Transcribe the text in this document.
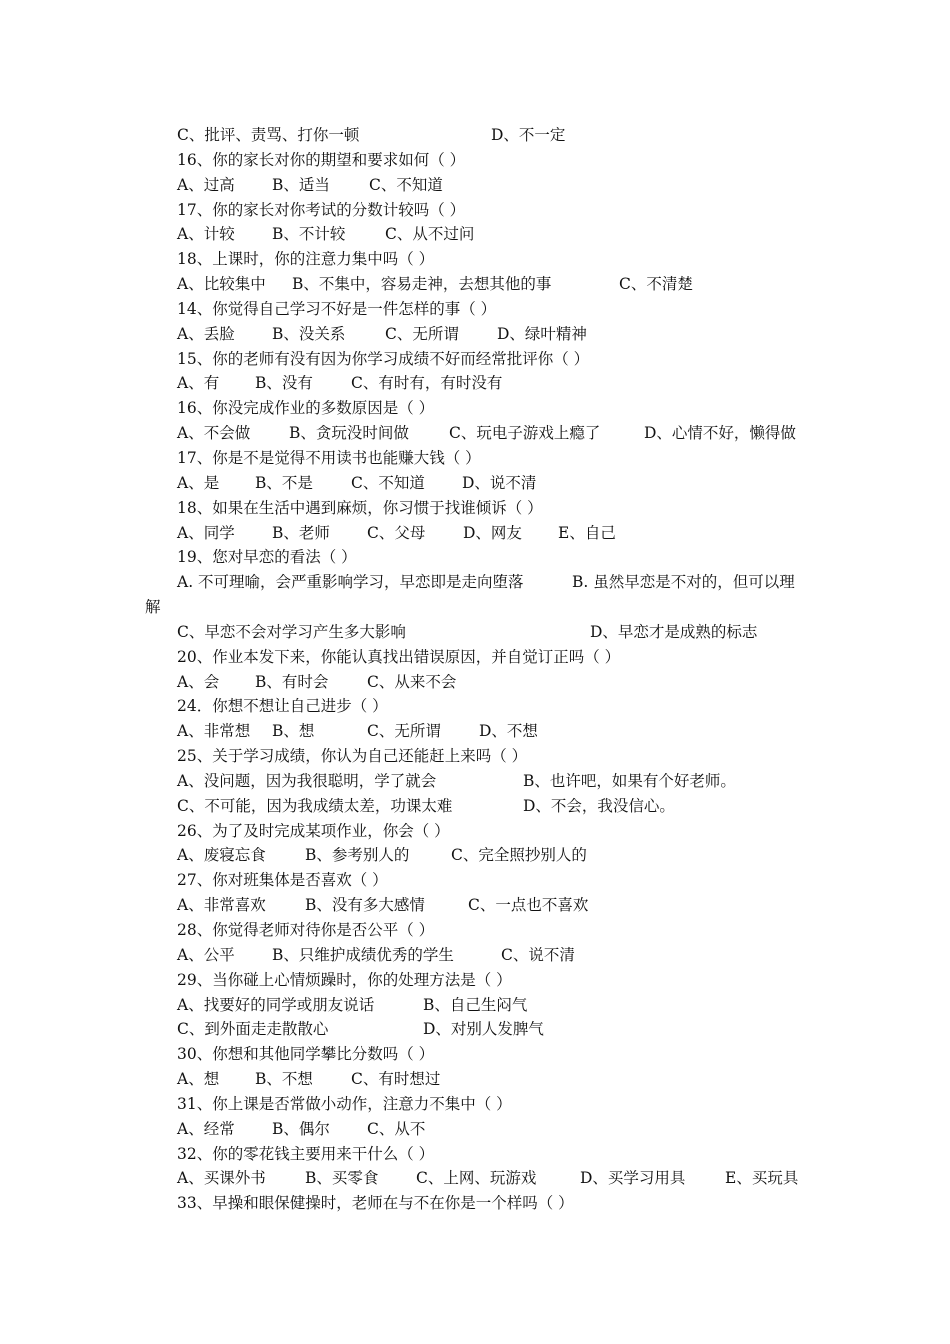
C、批评、责骂、打你一顿	D、不一定
16、你的家长对你的期望和要求如何（ ）
A、过高 B、适当	C、不知道
17、你的家长对你考试的分数计较吗（ ）
A、计较 B、不计较	C、从不过问
18、上课时，你的注意力集中吗（ ）
A、比较集中 B、不集中，容易走神，去想其他的事	C、不清楚
14、你觉得自己学习不好是一件怎样的事（ ）
A、丢脸 B、没关系	C、无所谓 D、绿叶精神
15、你的老师有没有因为你学习成绩不好而经常批评你（ ）
A、有 B、没有 C、有时有，有时没有
16、你没完成作业的多数原因是（ ）
A、不会做	B、贪玩没时间做	C、玩电子游戏上瘾了	D、心情不好，懒得做
17、你是不是觉得不用读书也能赚大钱（ ）
A、是 B、不是 C、不知道 D、说不清
18、如果在生活中遇到麻烦，你习惯于找谁倾诉（ ）
A、同学 B、老师 C、父母 D、网友 E、自己
19、您对早恋的看法（ ）
A. 不可理喻，会严重影响学习，早恋即是走向堕落	B. 虽然早恋是不对的，但可以理
解
C、早恋不会对学习产生多大影响	D、早恋才是成熟的标志
20、作业本发下来，你能认真找出错误原因，并自觉订正吗（ ）
A、会 B、有时会 C、从来不会
24．你想不想让自己进步（ ）
A、非常想 B、想	C、无所谓 D、不想
25、关于学习成绩，你认为自己还能赶上来吗（ ）
A、没问题，因为我很聪明，学了就会	B、也许吧，如果有个好老师。
C、不可能，因为我成绩太差，功课太难	D、不会，我没信心。
26、为了及时完成某项作业，你会（ ）
A、废寝忘食	B、参考别人的	C、完全照抄别人的
27、你对班集体是否喜欢（ ）
A、非常喜欢	B、没有多大感情	C、一点也不喜欢
28、你觉得老师对待你是否公平（ ）
A、公平 B、只维护成绩优秀的学生	C、说不清
29、当你碰上心情烦躁时，你的处理方法是（ ）
A、找要好的同学或朋友说话	B、自己生闷气
C、到外面走走散散心	D、对别人发脾气
30、你想和其他同学攀比分数吗（ ）
A、想 B、不想 C、有时想过
31、你上课是否常做小动作，注意力不集中（ ）
A、经常 B、偶尔 C、从不
32、你的零花钱主要用来干什么（ ）
A、买课外书	B、买零食 C、上网、玩游戏	D、买学习用具	E、买玩具
33、早操和眼保健操时，老师在与不在你是一个样吗（ ）
